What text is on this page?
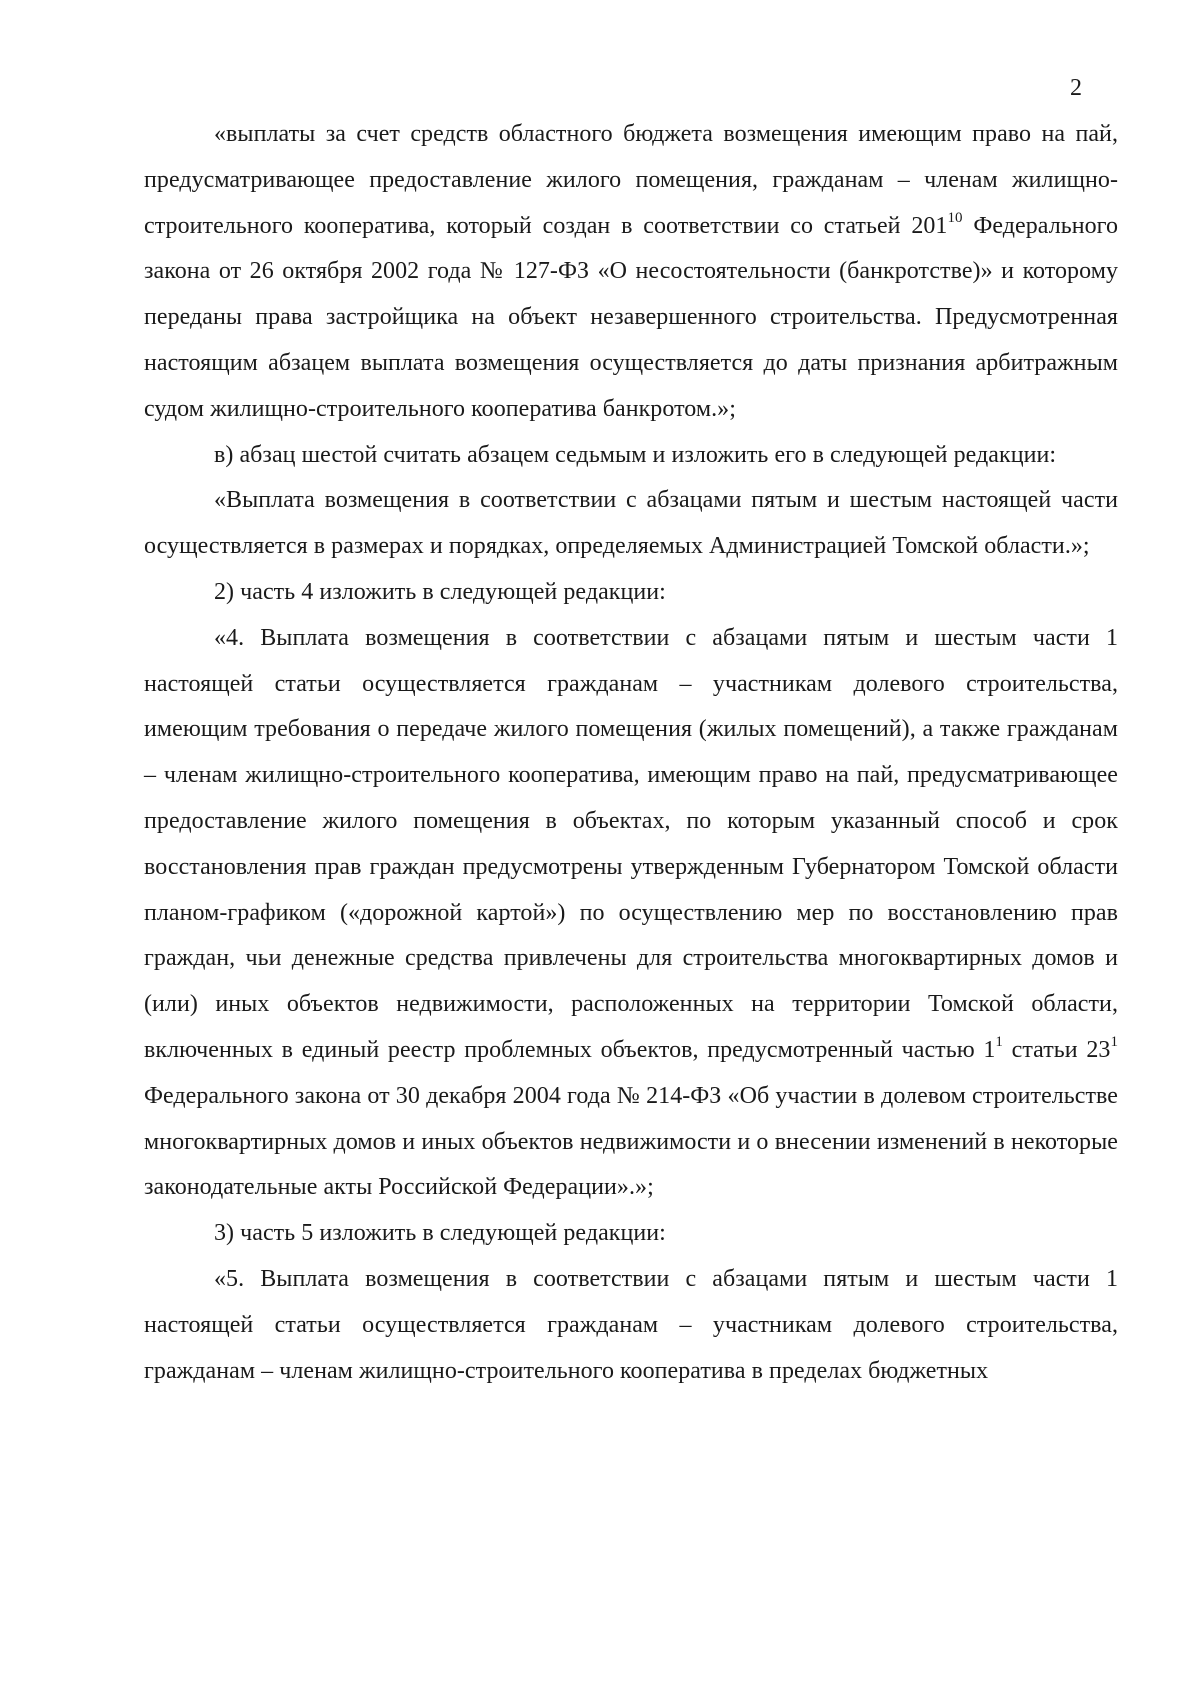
2

«выплаты за счет средств областного бюджета возмещения имеющим право на пай, предусматривающее предоставление жилого помещения, гражданам – членам жилищно-строительного кооператива, который создан в соответствии со статьей $201^{10}$ Федерального закона от 26 октября 2002 года № 127-ФЗ «О несостоятельности (банкротстве)» и которому переданы права застройщика на объект незавершенного строительства. Предусмотренная настоящим абзацем выплата возмещения осуществляется до даты признания арбитражным судом жилищно-строительного кооператива банкротом.»;

в) абзац шестой считать абзацем седьмым и изложить его в следующей редакции:

«Выплата возмещения в соответствии с абзацами пятым и шестым настоящей части осуществляется в размерах и порядках, определяемых Администрацией Томской области.»;

2) часть 4 изложить в следующей редакции:

«4. Выплата возмещения в соответствии с абзацами пятым и шестым части 1 настоящей статьи осуществляется гражданам – участникам долевого строительства, имеющим требования о передаче жилого помещения (жилых помещений), а также гражданам – членам жилищно-строительного кооператива, имеющим право на пай, предусматривающее предоставление жилого помещения в объектах, по которым указанный способ и срок восстановления прав граждан предусмотрены утвержденным Губернатором Томской области планом-графиком («дорожной картой») по осуществлению мер по восстановлению прав граждан, чьи денежные средства привлечены для строительства многоквартирных домов и (или) иных объектов недвижимости, расположенных на территории Томской области, включенных в единый реестр проблемных объектов, предусмотренный частью $1^1$ статьи $23^1$ Федерального закона от 30 декабря 2004 года № 214-ФЗ «Об участии в долевом строительстве многоквартирных домов и иных объектов недвижимости и о внесении изменений в некоторые законодательные акты Российской Федерации».»;

3) часть 5 изложить в следующей редакции:

«5. Выплата возмещения в соответствии с абзацами пятым и шестым части 1 настоящей статьи осуществляется гражданам – участникам долевого строительства, гражданам – членам жилищно-строительного кооператива в пределах бюджетных
